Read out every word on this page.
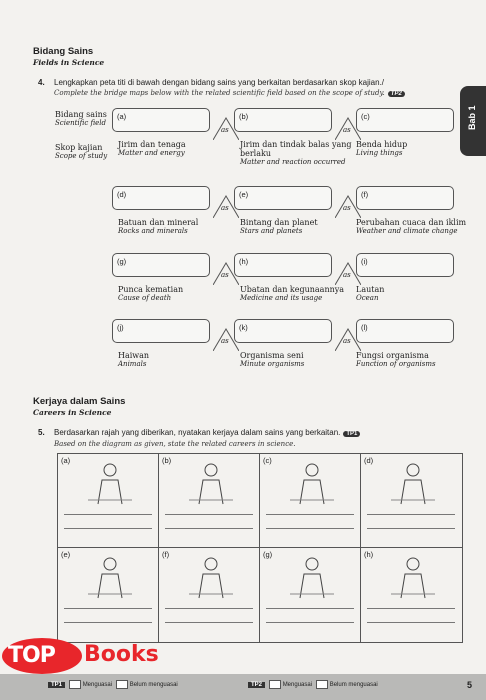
Bab 1
Bidang Sains
Fields in Science
4. Lengkapkan peta titi di bawah dengan bidang sains yang berkaitan berdasarkan skop kajian./
Complete the bridge maps below with the related scientific field based on the scope of study. TP2
Bidang sains
Scientific field
Skop kajian
Scope of study
(a)
Jirim dan tenaga
Matter and energy
(b)
Jirim dan tindak balas yang berlaku
Matter and reaction occurred
(c)
Benda hidup
Living things
as	as
(d)
Batuan dan mineral
Rocks and minerals
(e)
Bintang dan planet
Stars and planets
(f)
Perubahan cuaca dan iklim
Weather and climate change
as	as
(g)
Punca kematian
Cause of death
(h)
Ubatan dan kegunaannya
Medicine and its usage
(i)
Lautan
Ocean
as	as
(j)
Haiwan
Animals
(k)
Organisma seni
Minute organisms
(l)
Fungsi organisma
Function of organisms
as	as
Kerjaya dalam Sains
Careers in Science
5. Berdasarkan rajah yang diberikan, nyatakan kerjaya dalam sains yang berkaitan. TP1
Based on the diagram as given, state the related careers in science.
(a)	(b)	(c)	(d)
(e)	(f)	(g)	(h)
TP1	Menguasai	Belum menguasai	TP2	Menguasai	Belum menguasai	5
TOP Books
